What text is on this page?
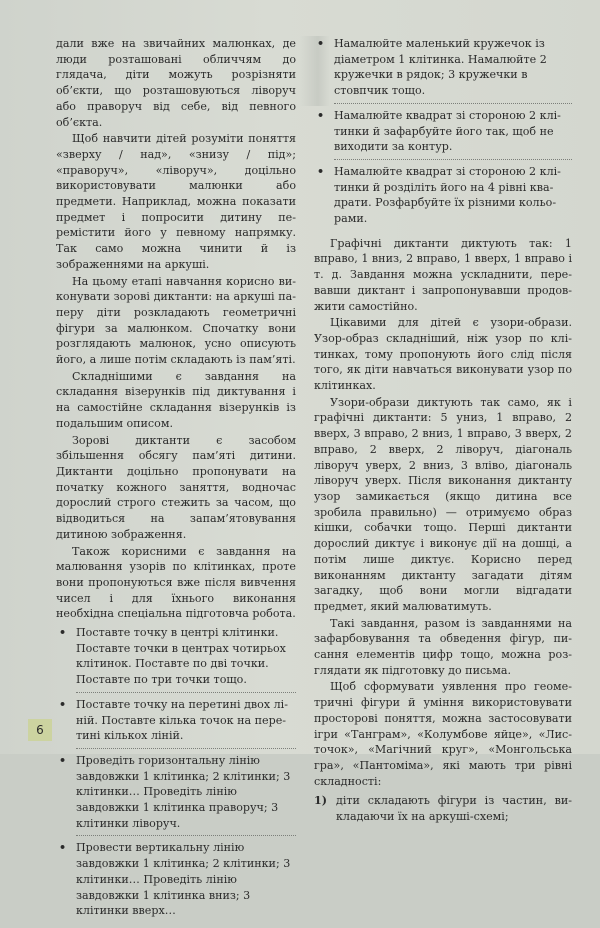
дали вже на звичайних малюнках, де люди розташовані обличчям до глядача, діти можуть розрізняти об’єкти, що розташовуються ліворуч або праворуч від себе, від певного об’єкта.

Щоб навчити дітей розуміти поняття «зверху / над», «знизу / під»; «праворуч», «ліворуч», доцільно використовувати малюнки або предмети. Наприклад, можна показати предмет і попросити дитину перемістити його у певному напрямку. Так само можна чинити й із зображеннями на аркуші.

На цьому етапі навчання корисно виконувати зорові диктанти: на аркуші паперу діти розкладають геометричні фігури за малюнком. Спочатку вони розглядають малюнок, усно описують його, а лише потім складають із пам’яті.

Складнішими є завдання на складання візерунків під диктування і на самостійне складання візерунків із подальшим описом.

Зорові диктанти є засобом збільшення обсягу пам’яті дитини. Диктанти доцільно пропонувати на початку кожного заняття, водночас дорослий строго стежить за часом, що відводиться на запам’ятовування дитиною зображення.

Також корисними є завдання на малювання узорів по клітинках, проте вони пропонуються вже після вивчення чисел і для їхнього виконання необхідна спеціальна підготовча робота.

• Поставте точку в центрі клітинки. Поставте точки в центрах чотирьох клітинок. Поставте по дві точки. Поставте по три точки тощо.
• Поставте точку на перетині двох ліній. Поставте кілька точок на перетині кількох ліній.
• Проведіть горизонтальну лінію завдовжки 1 клітинка; 2 клітинки; 3 клітинки… Проведіть лінію завдовжки 1 клітинка праворуч; 3 клітинки ліворуч.
• Провести вертикальну лінію завдовжки 1 клітинка; 2 клітинки; 3 клітинки… Проведіть лінію завдовжки 1 клітинка вниз; 3 клітинки вверх…
• Намалюйте маленький кружечок із діаметром 1 клітинка. Намалюйте 2 кружечки в рядок; 3 кружечки в стовпчик тощо.
• Намалюйте квадрат зі стороною 2 клітинки й зафарбуйте його так, щоб не виходити за контур.
• Намалюйте квадрат зі стороною 2 клітинки й розділіть його на 4 рівні квадрати. Розфарбуйте їх різними кольорами.

Графічні диктанти диктують так: 1 вправо, 1 вниз, 2 вправо, 1 вверх, 1 вправо і т. д. Завдання можна ускладнити, перевавши диктант і запропонувавши продовжити самостійно.

Цікавими для дітей є узори-образи. Узор-образ складніший, ніж узор по клітинках, тому пропонують його слід після того, як діти навчаться виконувати узор по клітинках.

Узори-образи диктують так само, як і графічні диктанти: 5 униз, 1 вправо, 2 вверх, 3 вправо, 2 вниз, 1 вправо, 3 вверх, 2 вправо, 2 вверх, 2 ліворуч, діагональ ліворуч уверх, 2 вниз, 3 вліво, діагональ ліворуч уверх. Після виконання диктанту узор замикається (якщо дитина все зробила правильно) — отримуємо образ кішки, собачки тощо. Перші диктанти дорослий диктує і виконує дії на дошці, а потім лише диктує. Корисно перед виконанням диктанту загадати дітям загадку, щоб вони могли відгадати предмет, який малюватимуть.

Такі завдання, разом із завданнями на зафарбовування та обведення фігур, писання елементів цифр тощо, можна розглядати як підготовку до письма.

Щоб сформувати уявлення про геометричні фігури й уміння використовувати просторові поняття, можна застосовувати ігри «Танграм», «Колумбове яйце», «Листочок», «Магічний круг», «Монгольська гра», «Пантоміма», які мають три рівні складності:

1) діти складають фігури із частин, викладаючи їх на аркуші-схемі;
6
